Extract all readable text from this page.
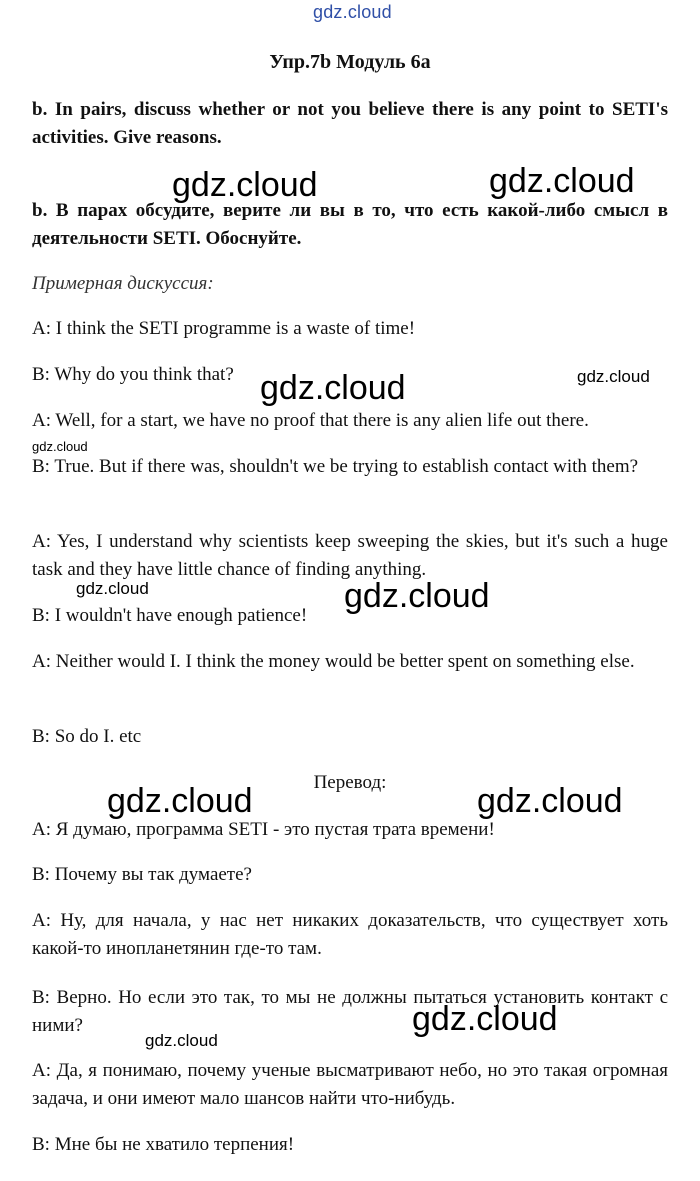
gdz.cloud
Упр.7b Модуль 6a

b. In pairs, discuss whether or not you believe there is any point to SETI's activities. Give reasons.

b. В парах обсудите, верите ли вы в то, что есть какой-либо смысл в деятельности SETI. Обоснуйте.

Примерная дискуссия:

A: I think the SETI programme is a waste of time!

B: Why do you think that?

A: Well, for a start, we have no proof that there is any alien life out there.

B: True. But if there was, shouldn't we be trying to establish contact with them?

A: Yes, I understand why scientists keep sweeping the skies, but it's such a huge task and they have little chance of finding anything.

B: I wouldn't have enough patience!

A: Neither would I. I think the money would be better spent on something else.

B: So do I. etc

Перевод:

A: Я думаю, программа SETI - это пустая трата времени!

B: Почему вы так думаете?

A: Ну, для начала, у нас нет никаких доказательств, что существует хоть какой-то инопланетянин где-то там.

B: Верно. Но если это так, то мы не должны пытаться установить контакт с ними?

A: Да, я понимаю, почему ученые высматривают небо, но это такая огромная задача, и они имеют мало шансов найти что-нибудь.

B: Мне бы не хватило терпения!

gdz.cloud	gdz.cloud
gdz.cloud	gdz.cloud
gdz.cloud
gdz.cloud	gdz.cloud
gdz.cloud	gdz.cloud
gdz.cloud
gdz.cloud
